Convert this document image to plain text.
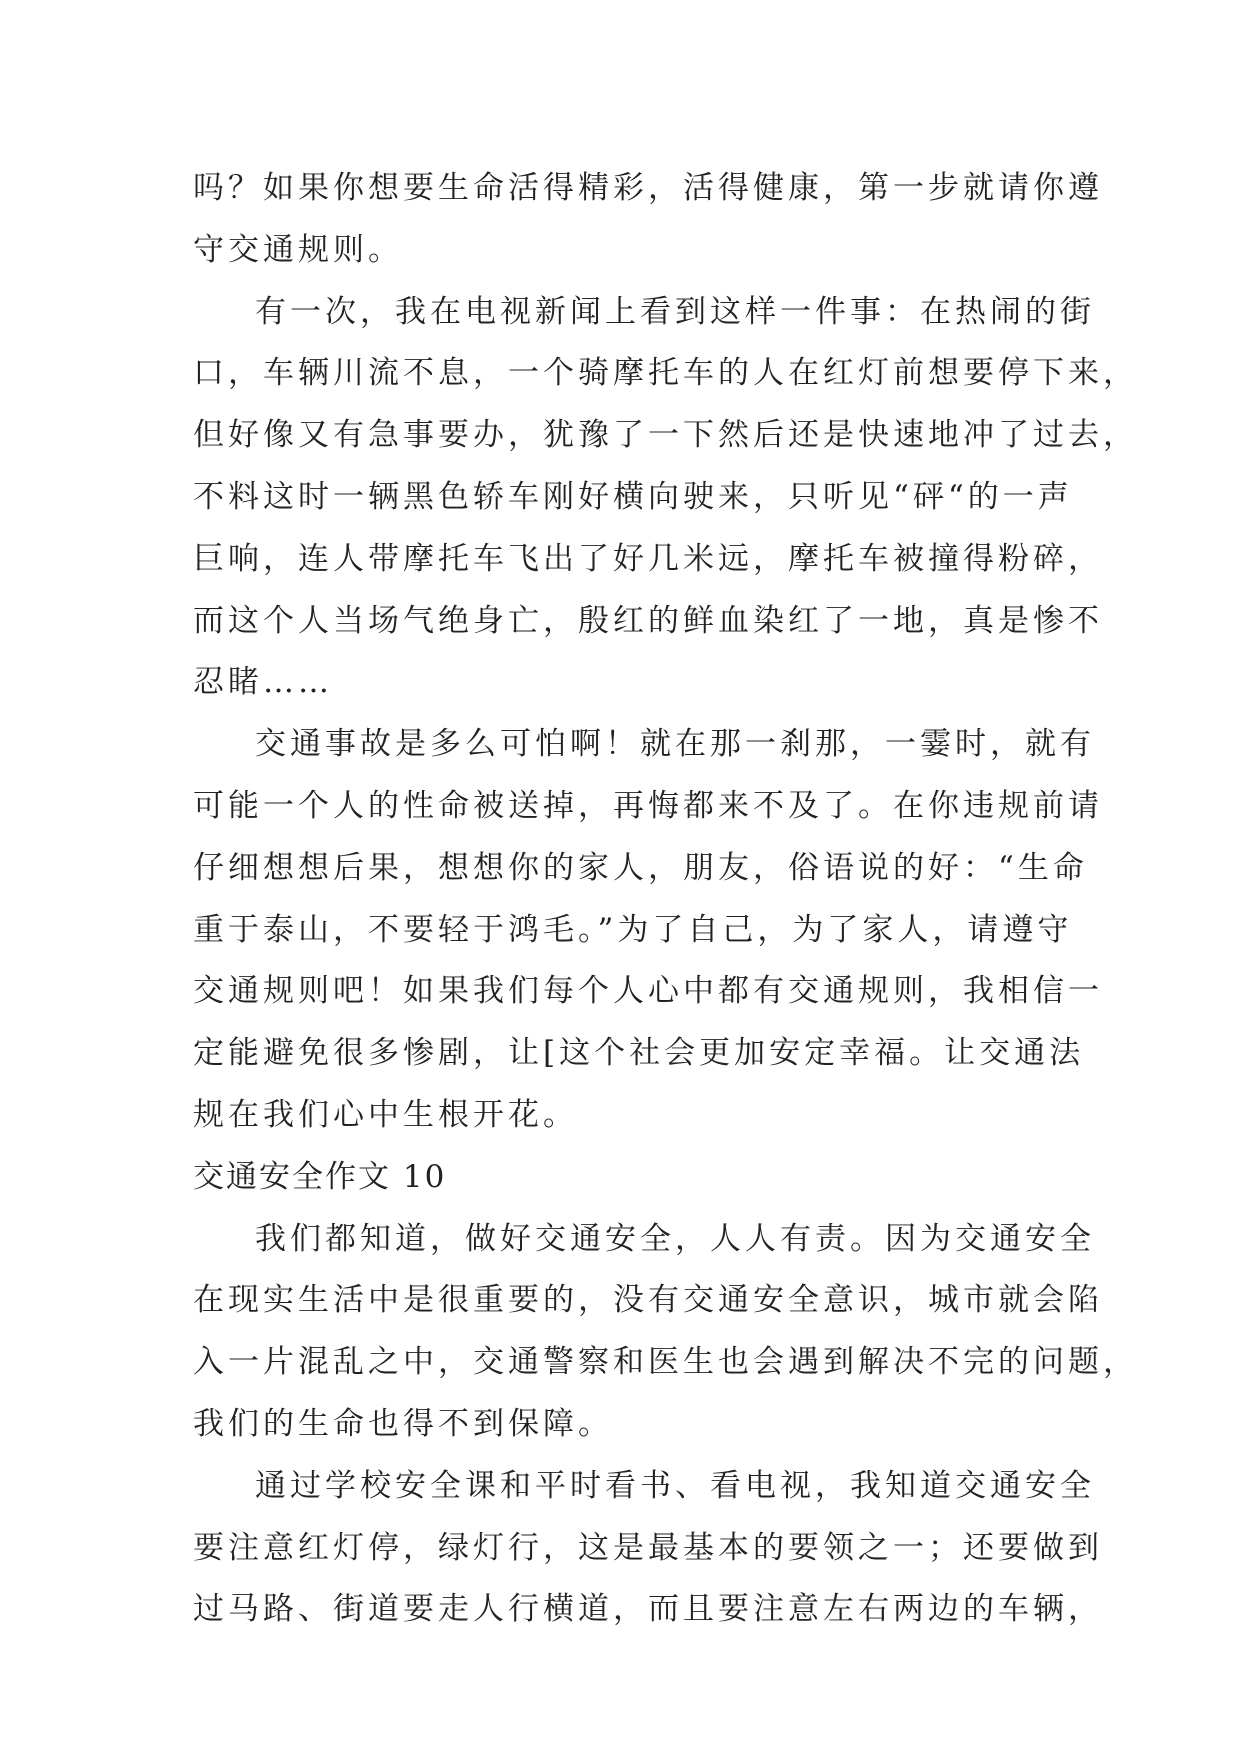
吗？如果你想要生命活得精彩，活得健康，第一步就请你遵
守交通规则。

有一次，我在电视新闻上看到这样一件事：在热闹的街
口，车辆川流不息，一个骑摩托车的人在红灯前想要停下来，
但好像又有急事要办，犹豫了一下然后还是快速地冲了过去，
不料这时一辆黑色轿车刚好横向驶来，只听见“砰“的一声
巨响，连人带摩托车飞出了好几米远，摩托车被撞得粉碎，
而这个人当场气绝身亡，殷红的鲜血染红了一地，真是惨不
忍睹……

交通事故是多么可怕啊！就在那一刹那，一霎时，就有
可能一个人的性命被送掉，再悔都来不及了。在你违规前请
仔细想想后果，想想你的家人，朋友，俗语说的好：“生命
重于泰山，不要轻于鸿毛。”为了自己，为了家人，请遵守
交通规则吧！如果我们每个人心中都有交通规则，我相信一
定能避免很多惨剧，让[这个社会更加安定幸福。让交通法
规在我们心中生根开花。

交通安全作文 10

我们都知道，做好交通安全，人人有责。因为交通安全
在现实生活中是很重要的，没有交通安全意识，城市就会陷
入一片混乱之中，交通警察和医生也会遇到解决不完的问题，
我们的生命也得不到保障。

通过学校安全课和平时看书、看电视，我知道交通安全
要注意红灯停，绿灯行，这是最基本的要领之一；还要做到
过马路、街道要走人行横道，而且要注意左右两边的车辆，
